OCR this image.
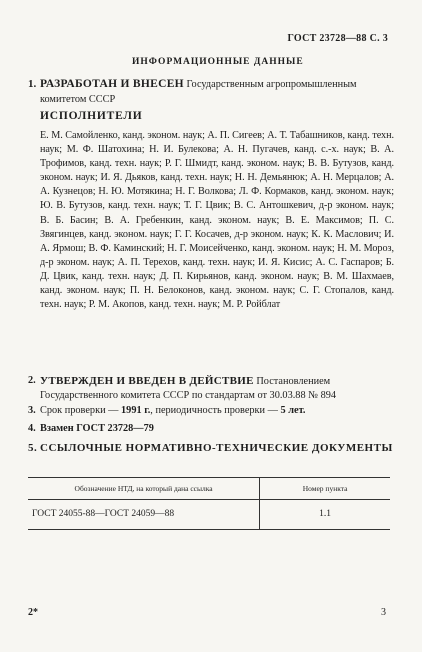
ГОСТ 23728—88 С. 3
ИНФОРМАЦИОННЫЕ ДАННЫЕ
1. РАЗРАБОТАН И ВНЕСЕН Государственным агропромышленным комитетом СССР
ИСПОЛНИТЕЛИ
Е. М. Самойленко, канд. эконом. наук; А. П. Сигеев; А. Т. Табашников, канд. техн. наук; М. Ф. Шатохина; Н. И. Булекова; А. Н. Пугачев, канд. с.-х. наук; В. А. Трофимов, канд. техн. наук; Р. Г. Шмидт, канд. эконом. наук; В. В. Бутузов, канд. эконом. наук; И. Я. Дьяков, канд. техн. наук; Н. Н. Демьянюк; А. Н. Мерцалов; А. А. Кузнецов; Н. Ю. Мотякина; Н. Г. Волкова; Л. Ф. Кормаков, канд. эконом. наук; Ю. В. Бутузов, канд. техн. наук; Т. Г. Цвик; В. С. Антошкевич, д-р эконом. наук; В. Б. Басин; В. А. Гребенкин, канд. эконом. наук; В. Е. Максимов; П. С. Звягинцев, канд. эконом. наук; Г. Г. Косачев, д-р эконом. наук; К. К. Маслович; И. А. Ярмош; В. Ф. Каминский; Н. Г. Моисейченко, канд. эконом. наук; Н. М. Мороз, д-р эконом. наук; А. П. Терехов, канд. техн. наук; И. Я. Кисис; А. С. Гаспаров; Б. Д. Цвик, канд. техн. наук; Д. П. Кирьянов, канд. эконом. наук; В. М. Шахмаев, канд. эконом. наук; П. Н. Белоконов, канд. эконом. наук; С. Г. Стопалов, канд. техн. наук; Р. М. Акопов, канд. техн. наук; М. Р. Ройблат
2. УТВЕРЖДЕН И ВВЕДЕН В ДЕЙСТВИЕ Постановлением Государственного комитета СССР по стандартам от 30.03.88 № 894
3. Срок проверки — 1991 г., периодичность проверки — 5 лет.
4. Взамен ГОСТ 23728—79
5. ССЫЛОЧНЫЕ НОРМАТИВНО-ТЕХНИЧЕСКИЕ ДОКУМЕНТЫ
Обозначение НТД, на который дана ссылка	Номер пункта
ГОСТ 24055-88—ГОСТ 24059—88	1.1
2*	3
